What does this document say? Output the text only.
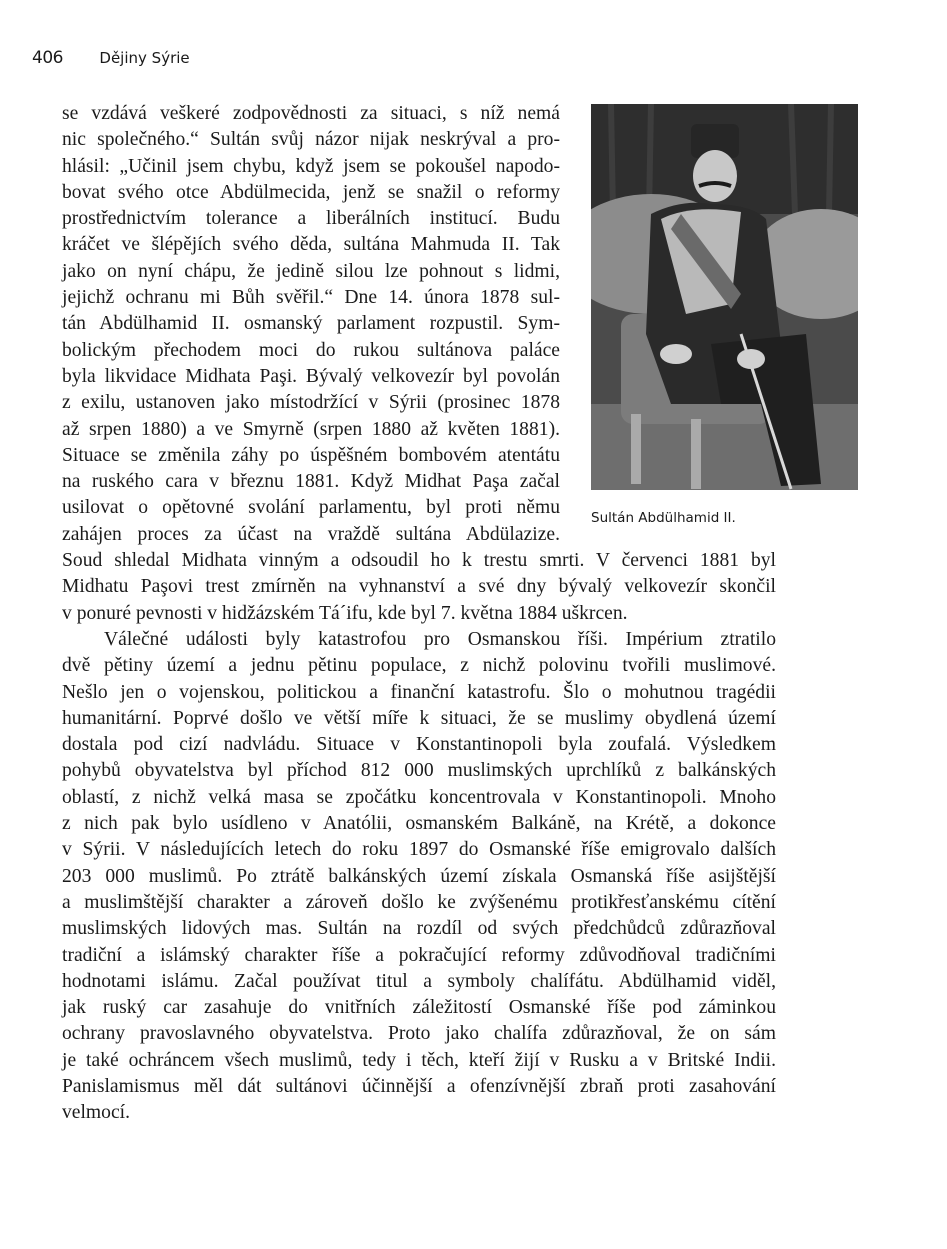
406 Dějiny Sýrie
se vzdává veškeré zodpovědnosti za situaci, s níž nemá
nic společného.“ Sultán svůj názor nijak neskrýval a pro-
hlásil: „Učinil jsem chybu, když jsem se pokoušel napodo-
bovat svého otce Abdülmecida, jenž se snažil o reformy
prostřednictvím tolerance a liberálních institucí. Budu
kráčet ve šlépějích svého děda, sultána Mahmuda II. Tak
jako on nyní chápu, že jedině silou lze pohnout s lidmi,
jejichž ochranu mi Bůh svěřil.“ Dne 14. února 1878 sul-
tán Abdülhamid II. osmanský parlament rozpustil. Sym-
bolickým přechodem moci do rukou sultánova paláce
byla likvidace Midhata Paşi. Bývalý velkovezír byl povolán
z exilu, ustanoven jako místodržící v Sýrii (prosinec 1878
až srpen 1880) a ve Smyrně (srpen 1880 až květen 1881).
Situace se změnila záhy po úspěšném bombovém atentátu
na ruského cara v březnu 1881. Když Midhat Paşa začal
usilovat o opětovné svolání parlamentu, byl proti němu
zahájen proces za účast na vraždě sultána Abdülazize.
Sultán Abdülhamid II.
Soud shledal Midhata vinným a odsoudil ho k trestu smrti. V červenci 1881 byl
Midhatu Paşovi trest zmírněn na vyhnanství a své dny bývalý velkovezír skončil
v ponuré pevnosti v hidžázském Tá´ifu, kde byl 7. května 1884 uškrcen.
Válečné události byly katastrofou pro Osmanskou říši. Impérium ztratilo
dvě pětiny území a jednu pětinu populace, z nichž polovinu tvořili muslimové.
Nešlo jen o vojenskou, politickou a finanční katastrofu. Šlo o mohutnou tragédii
humanitární. Poprvé došlo ve větší míře k situaci, že se muslimy obydlená území
dostala pod cizí nadvládu. Situace v Konstantinopoli byla zoufalá. Výsledkem
pohybů obyvatelstva byl příchod 812 000 muslimských uprchlíků z balkánských
oblastí, z nichž velká masa se zpočátku koncentrovala v Konstantinopoli. Mnoho
z nich pak bylo usídleno v Anatólii, osmanském Balkáně, na Krétě, a dokonce
v Sýrii. V následujících letech do roku 1897 do Osmanské říše emigrovalo dalších
203 000 muslimů. Po ztrátě balkánských území získala Osmanská říše asijštější
a muslimštější charakter a zároveň došlo ke zvýšenému protikřesťanskému cítění
muslimských lidových mas. Sultán na rozdíl od svých předchůdců zdůrazňoval
tradiční a islámský charakter říše a pokračující reformy zdůvodňoval tradičními
hodnotami islámu. Začal používat titul a symboly chalífátu. Abdülhamid viděl,
jak ruský car zasahuje do vnitřních záležitostí Osmanské říše pod záminkou
ochrany pravoslavného obyvatelstva. Proto jako chalífa zdůrazňoval, že on sám
je také ochráncem všech muslimů, tedy i těch, kteří žijí v Rusku a v Britské Indii.
Panislamismus měl dát sultánovi účinnější a ofenzívnější zbraň proti zasahování
velmocí.
